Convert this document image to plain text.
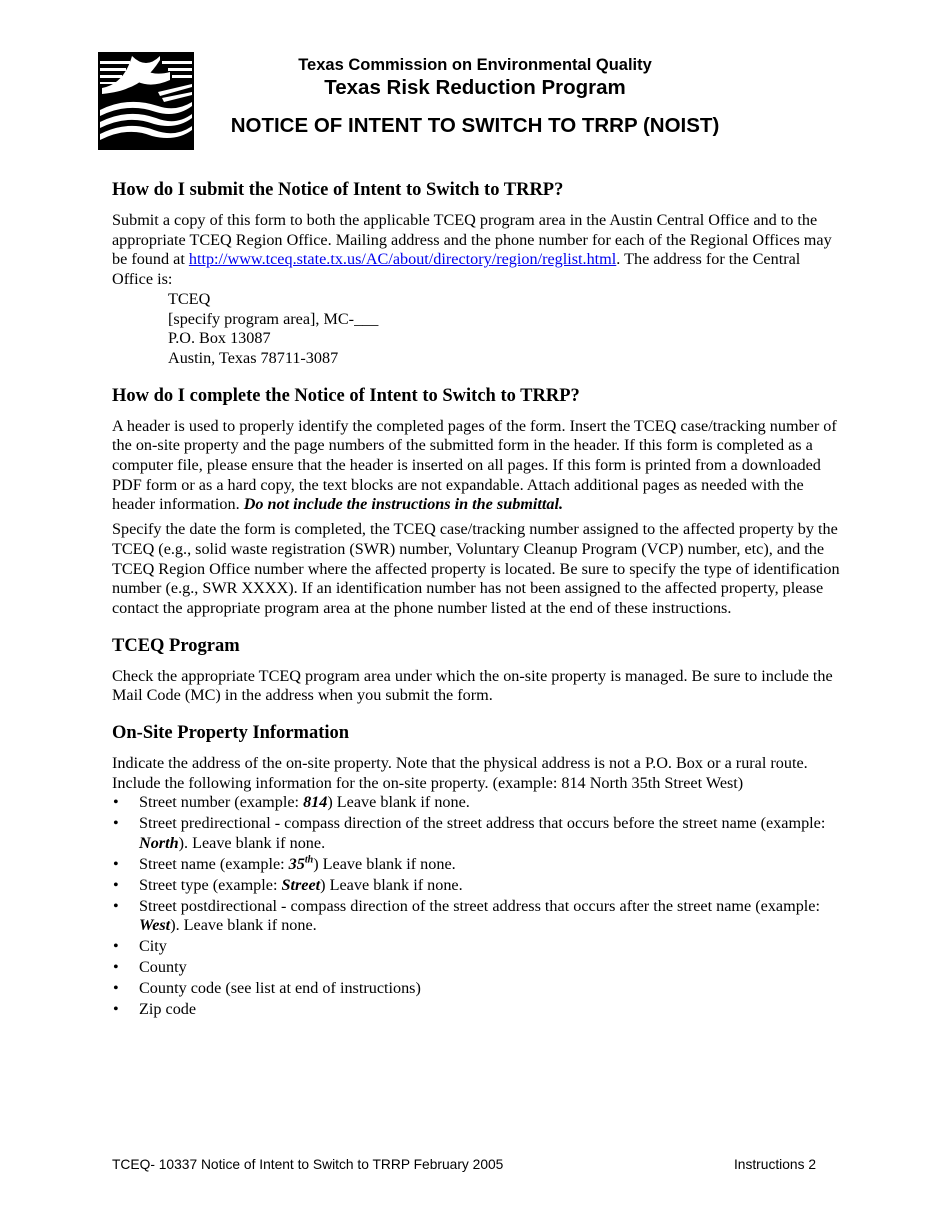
Texas Commission on Environmental Quality
Texas Risk Reduction Program
NOTICE OF INTENT TO SWITCH TO TRRP (NOIST)
How do I submit the Notice of Intent to Switch to TRRP?

Submit a copy of this form to both the applicable TCEQ program area in the Austin Central Office and to the appropriate TCEQ Region Office. Mailing address and the phone number for each of the Regional Offices may be found at http://www.tceq.state.tx.us/AC/about/directory/region/reglist.html. The address for the Central Office is:

TCEQ
[specify program area], MC-___
P.O. Box 13087
Austin, Texas 78711-3087
How do I complete the Notice of Intent to Switch to TRRP?

A header is used to properly identify the completed pages of the form. Insert the TCEQ case/tracking number of the on-site property and the page numbers of the submitted form in the header. If this form is completed as a computer file, please ensure that the header is inserted on all pages. If this form is printed from a downloaded PDF form or as a hard copy, the text blocks are not expandable. Attach additional pages as needed with the header information. Do not include the instructions in the submittal.

Specify the date the form is completed, the TCEQ case/tracking number assigned to the affected property by the TCEQ (e.g., solid waste registration (SWR) number, Voluntary Cleanup Program (VCP) number, etc), and the TCEQ Region Office number where the affected property is located. Be sure to specify the type of identification number (e.g., SWR XXXX). If an identification number has not been assigned to the affected property, please contact the appropriate program area at the phone number listed at the end of these instructions.

TCEQ Program

Check the appropriate TCEQ program area under which the on-site property is managed. Be sure to include the Mail Code (MC) in the address when you submit the form.

On-Site Property Information

Indicate the address of the on-site property. Note that the physical address is not a P.O. Box or a rural route. Include the following information for the on-site property. (example: 814 North 35th Street West)

• Street number (example: 814) Leave blank if none.
• Street predirectional - compass direction of the street address that occurs before the street name (example: North). Leave blank if none.
• Street name (example: 35th) Leave blank if none.
• Street type (example: Street) Leave blank if none.
• Street postdirectional - compass direction of the street address that occurs after the street name (example: West). Leave blank if none.
• City
• County
• County code (see list at end of instructions)
• Zip code
TCEQ- 10337 Notice of Intent to Switch to TRRP February 2005	Instructions 2
